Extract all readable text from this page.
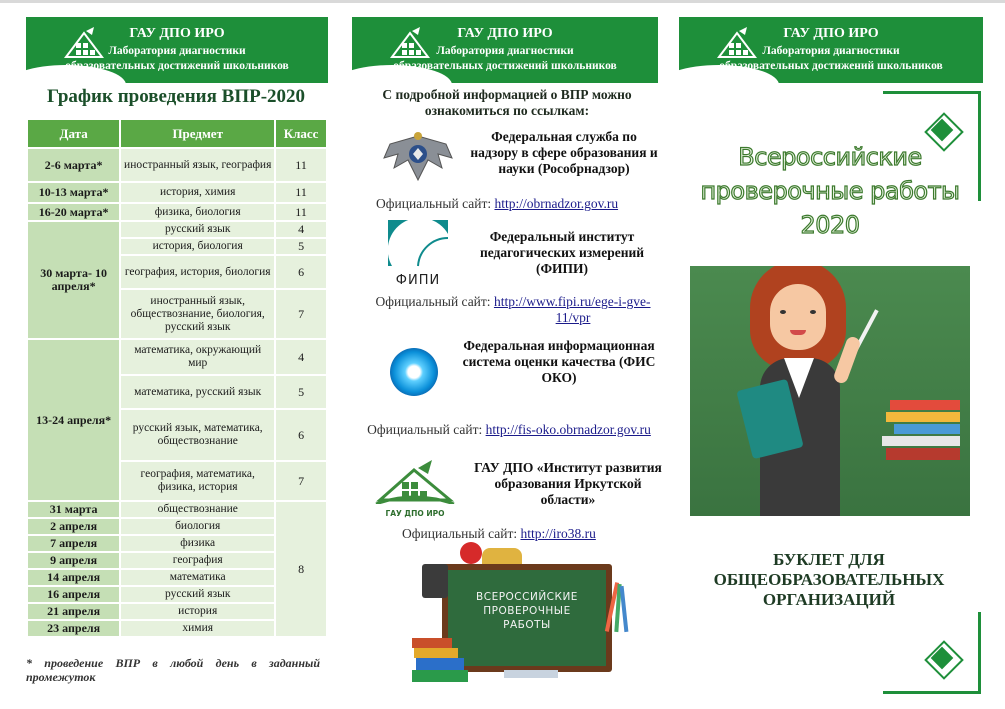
ГАУ ДПО ИРО
Лаборатория диагностики
образовательных достижений школьников
ГАУ ДПО ИРО
Лаборатория диагностики
образовательных достижений школьников
ГАУ ДПО ИРО
Лаборатория диагностики
образовательных достижений школьников
График проведения ВПР-2020
Дата	Предмет	Класс
2-6 марта*	иностранный язык, география	11
10-13 марта*	история, химия	11
16-20 марта*	физика, биология	11
30 марта- 10 апреля*	русский язык	4
	история, биология	5
	география, история, биология	6
	иностранный язык, обществознание, биология, русский язык	7
13-24 апреля*	математика, окружающий мир	4
	математика, русский язык	5
	русский язык, математика, обществознание	6
	география, математика, физика, история	7
31 марта	обществознание	8
2 апреля	биология	
7 апреля	физика	
9 апреля	география	
14 апреля	математика	
16 апреля	русский язык	
21 апреля	история	
23 апреля	химия	
* проведение ВПР в любой день в заданный промежуток
С подробной информацией о ВПР можно ознакомиться по ссылкам:
Федеральная служба по надзору в сфере образования и науки (Рособрнадзор)
Официальный сайт: http://obrnadzor.gov.ru
ФИПИ
Федеральный институт педагогических измерений (ФИПИ)
Официальный сайт: http://www.fipi.ru/ege-i-gve-
11/vpr
Федеральная информационная система оценки качества (ФИС ОКО)
Официальный сайт: http://fis-oko.obrnadzor.gov.ru
ГАУ ДПО ИРО
ГАУ ДПО «Институт развития образования Иркутской области»
Официальный сайт: http://iro38.ru
ВСЕРОССИЙСКИЕ
ПРОВЕРОЧНЫЕ
РАБОТЫ
Всероссийские
проверочные работы
2020
БУКЛЕТ ДЛЯ
ОБЩЕОБРАЗОВАТЕЛЬНЫХ
ОРГАНИЗАЦИЙ
